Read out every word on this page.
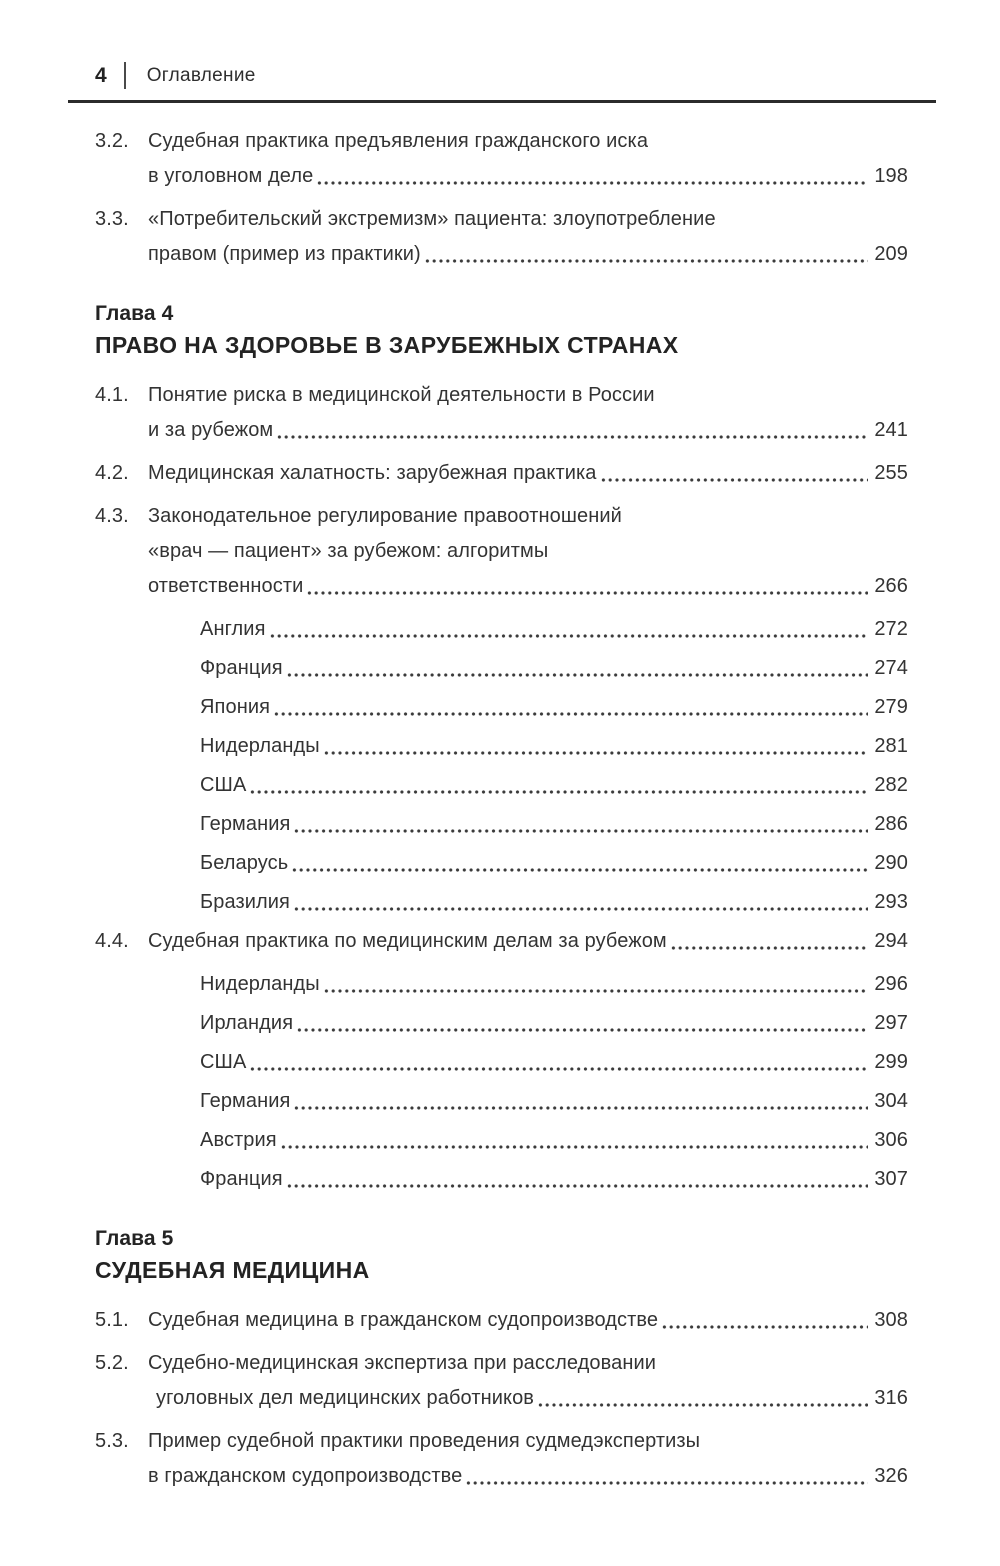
4 Оглавление
3.2. Судебная практика предъявления гражданского иска
в уголовном деле	198
3.3. «Потребительский экстремизм» пациента: злоупотребление
правом (пример из практики)	209
Глава 4
ПРАВО НА ЗДОРОВЬЕ В ЗАРУБЕЖНЫХ СТРАНАХ
4.1. Понятие риска в медицинской деятельности в России
и за рубежом	241
4.2. Медицинская халатность: зарубежная практика	255
4.3. Законодательное регулирование правоотношений
«врач — пациент» за рубежом: алгоритмы
ответственности	266
Англия	272
Франция	274
Япония	279
Нидерланды	281
США	282
Германия	286
Беларусь	290
Бразилия	293
4.4. Судебная практика по медицинским делам за рубежом	294
Нидерланды	296
Ирландия	297
США	299
Германия	304
Австрия	306
Франция	307
Глава 5
СУДЕБНАЯ МЕДИЦИНА
5.1. Судебная медицина в гражданском судопроизводстве	308
5.2. Судебно-медицинская экспертиза при расследовании
уголовных дел медицинских работников	316
5.3. Пример судебной практики проведения судмедэкспертизы
в гражданском судопроизводстве	326
